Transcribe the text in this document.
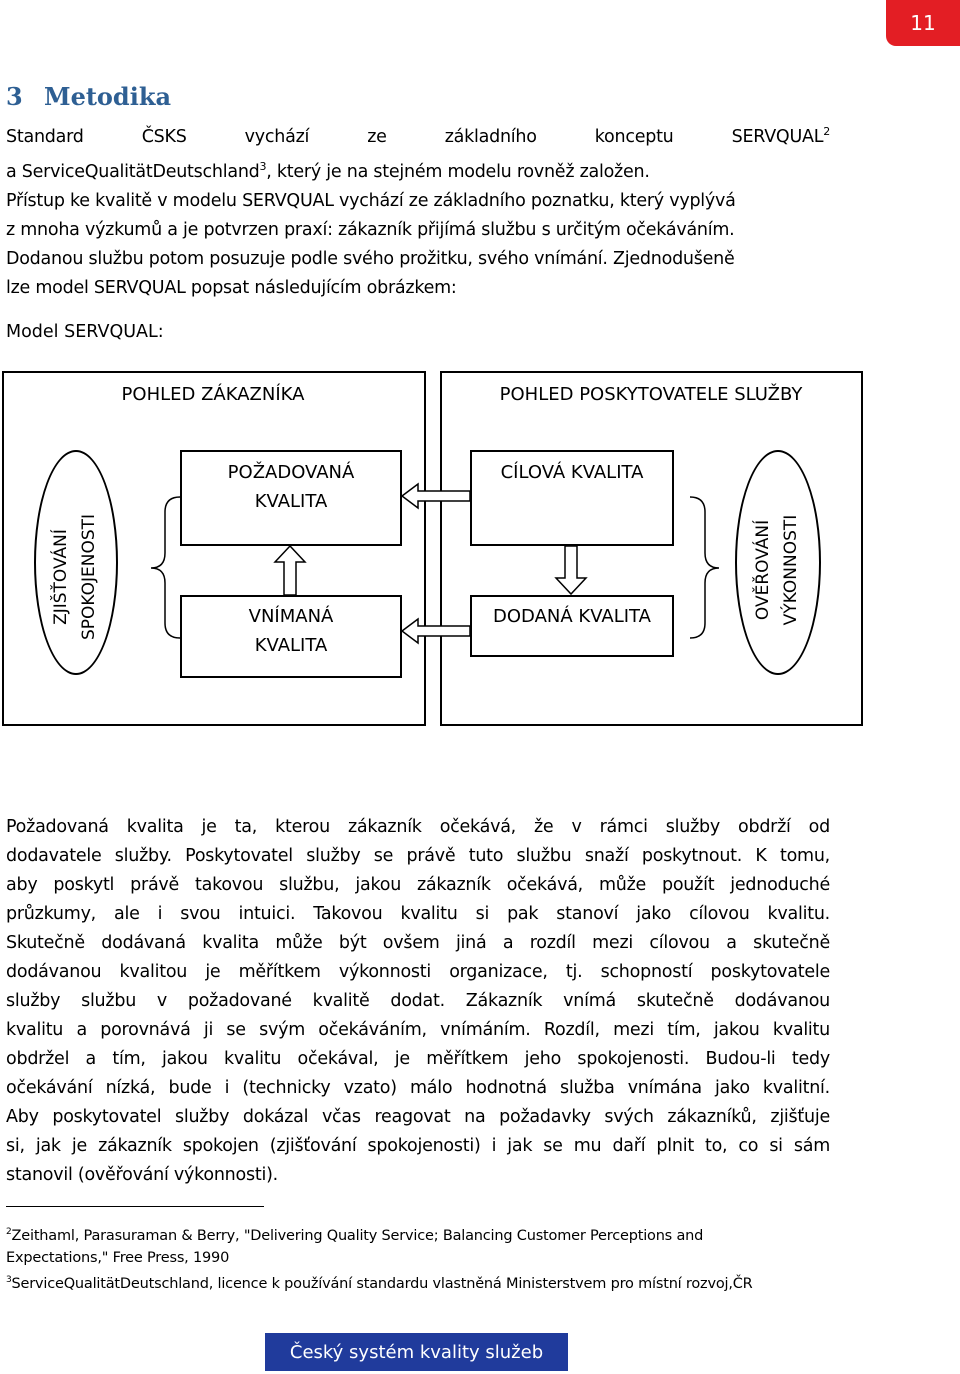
11
3 Metodika
Standard	ČSKS	vychází	ze	základního	konceptu	SERVQUAL$^2$
a ServiceQualitätDeutschland$^3$, který je na stejném modelu rovněž založen.
Přístup ke kvalitě v modelu SERVQUAL vychází ze základního poznatku, který vyplývá
z mnoha výzkumů a je potvrzen praxí: zákazník přijímá službu s určitým očekáváním.
Dodanou službu potom posuzuje podle svého prožitku, svého vnímání. Zjednodušeně
lze model SERVQUAL popsat následujícím obrázkem:
Model SERVQUAL:
POHLED ZÁKAZNÍKA	POHLED POSKYTOVATELE SLUŽBY
ZJIŠŤOVÁNÍ SPOKOJENOSTI	OVĚŘOVÁNÍ VÝKONNOSTI
POŽADOVANÁ
KVALITA
VNÍMANÁ
KVALITA
CÍLOVÁ KVALITA
DODANÁ KVALITA
Požadovaná kvalita je ta, kterou zákazník očekává, že v rámci služby obdrží od
dodavatele služby. Poskytovatel služby se právě tuto službu snaží poskytnout. K tomu,
aby poskytl právě takovou službu, jakou zákazník očekává, může použít jednoduché
průzkumy, ale i svou intuici. Takovou kvalitu si pak stanoví jako cílovou kvalitu.
Skutečně dodávaná kvalita může být ovšem jiná a rozdíl mezi cílovou a skutečně
dodávanou kvalitou je měřítkem výkonnosti organizace, tj. schopností poskytovatele
služby službu v požadované kvalitě dodat. Zákazník vnímá skutečně dodávanou
kvalitu a porovnává ji se svým očekáváním, vnímáním. Rozdíl, mezi tím, jakou kvalitu
obdržel a tím, jakou kvalitu očekával, je měřítkem jeho spokojenosti. Budou-li tedy
očekávání nízká, bude i (technicky vzato) málo hodnotná služba vnímána jako kvalitní.
Aby poskytovatel služby dokázal včas reagovat na požadavky svých zákazníků, zjišťuje
si, jak je zákazník spokojen (zjišťování spokojenosti) i jak se mu daří plnit to, co si sám
stanovil (ověřování výkonnosti).
$^2$Zeithaml, Parasuraman & Berry, "Delivering Quality Service; Balancing Customer Perceptions and
Expectations," Free Press, 1990
$^3$ServiceQualitätDeutschland, licence k používání standardu vlastněná Ministerstvem pro místní rozvoj,ČR
Český systém kvality služeb
